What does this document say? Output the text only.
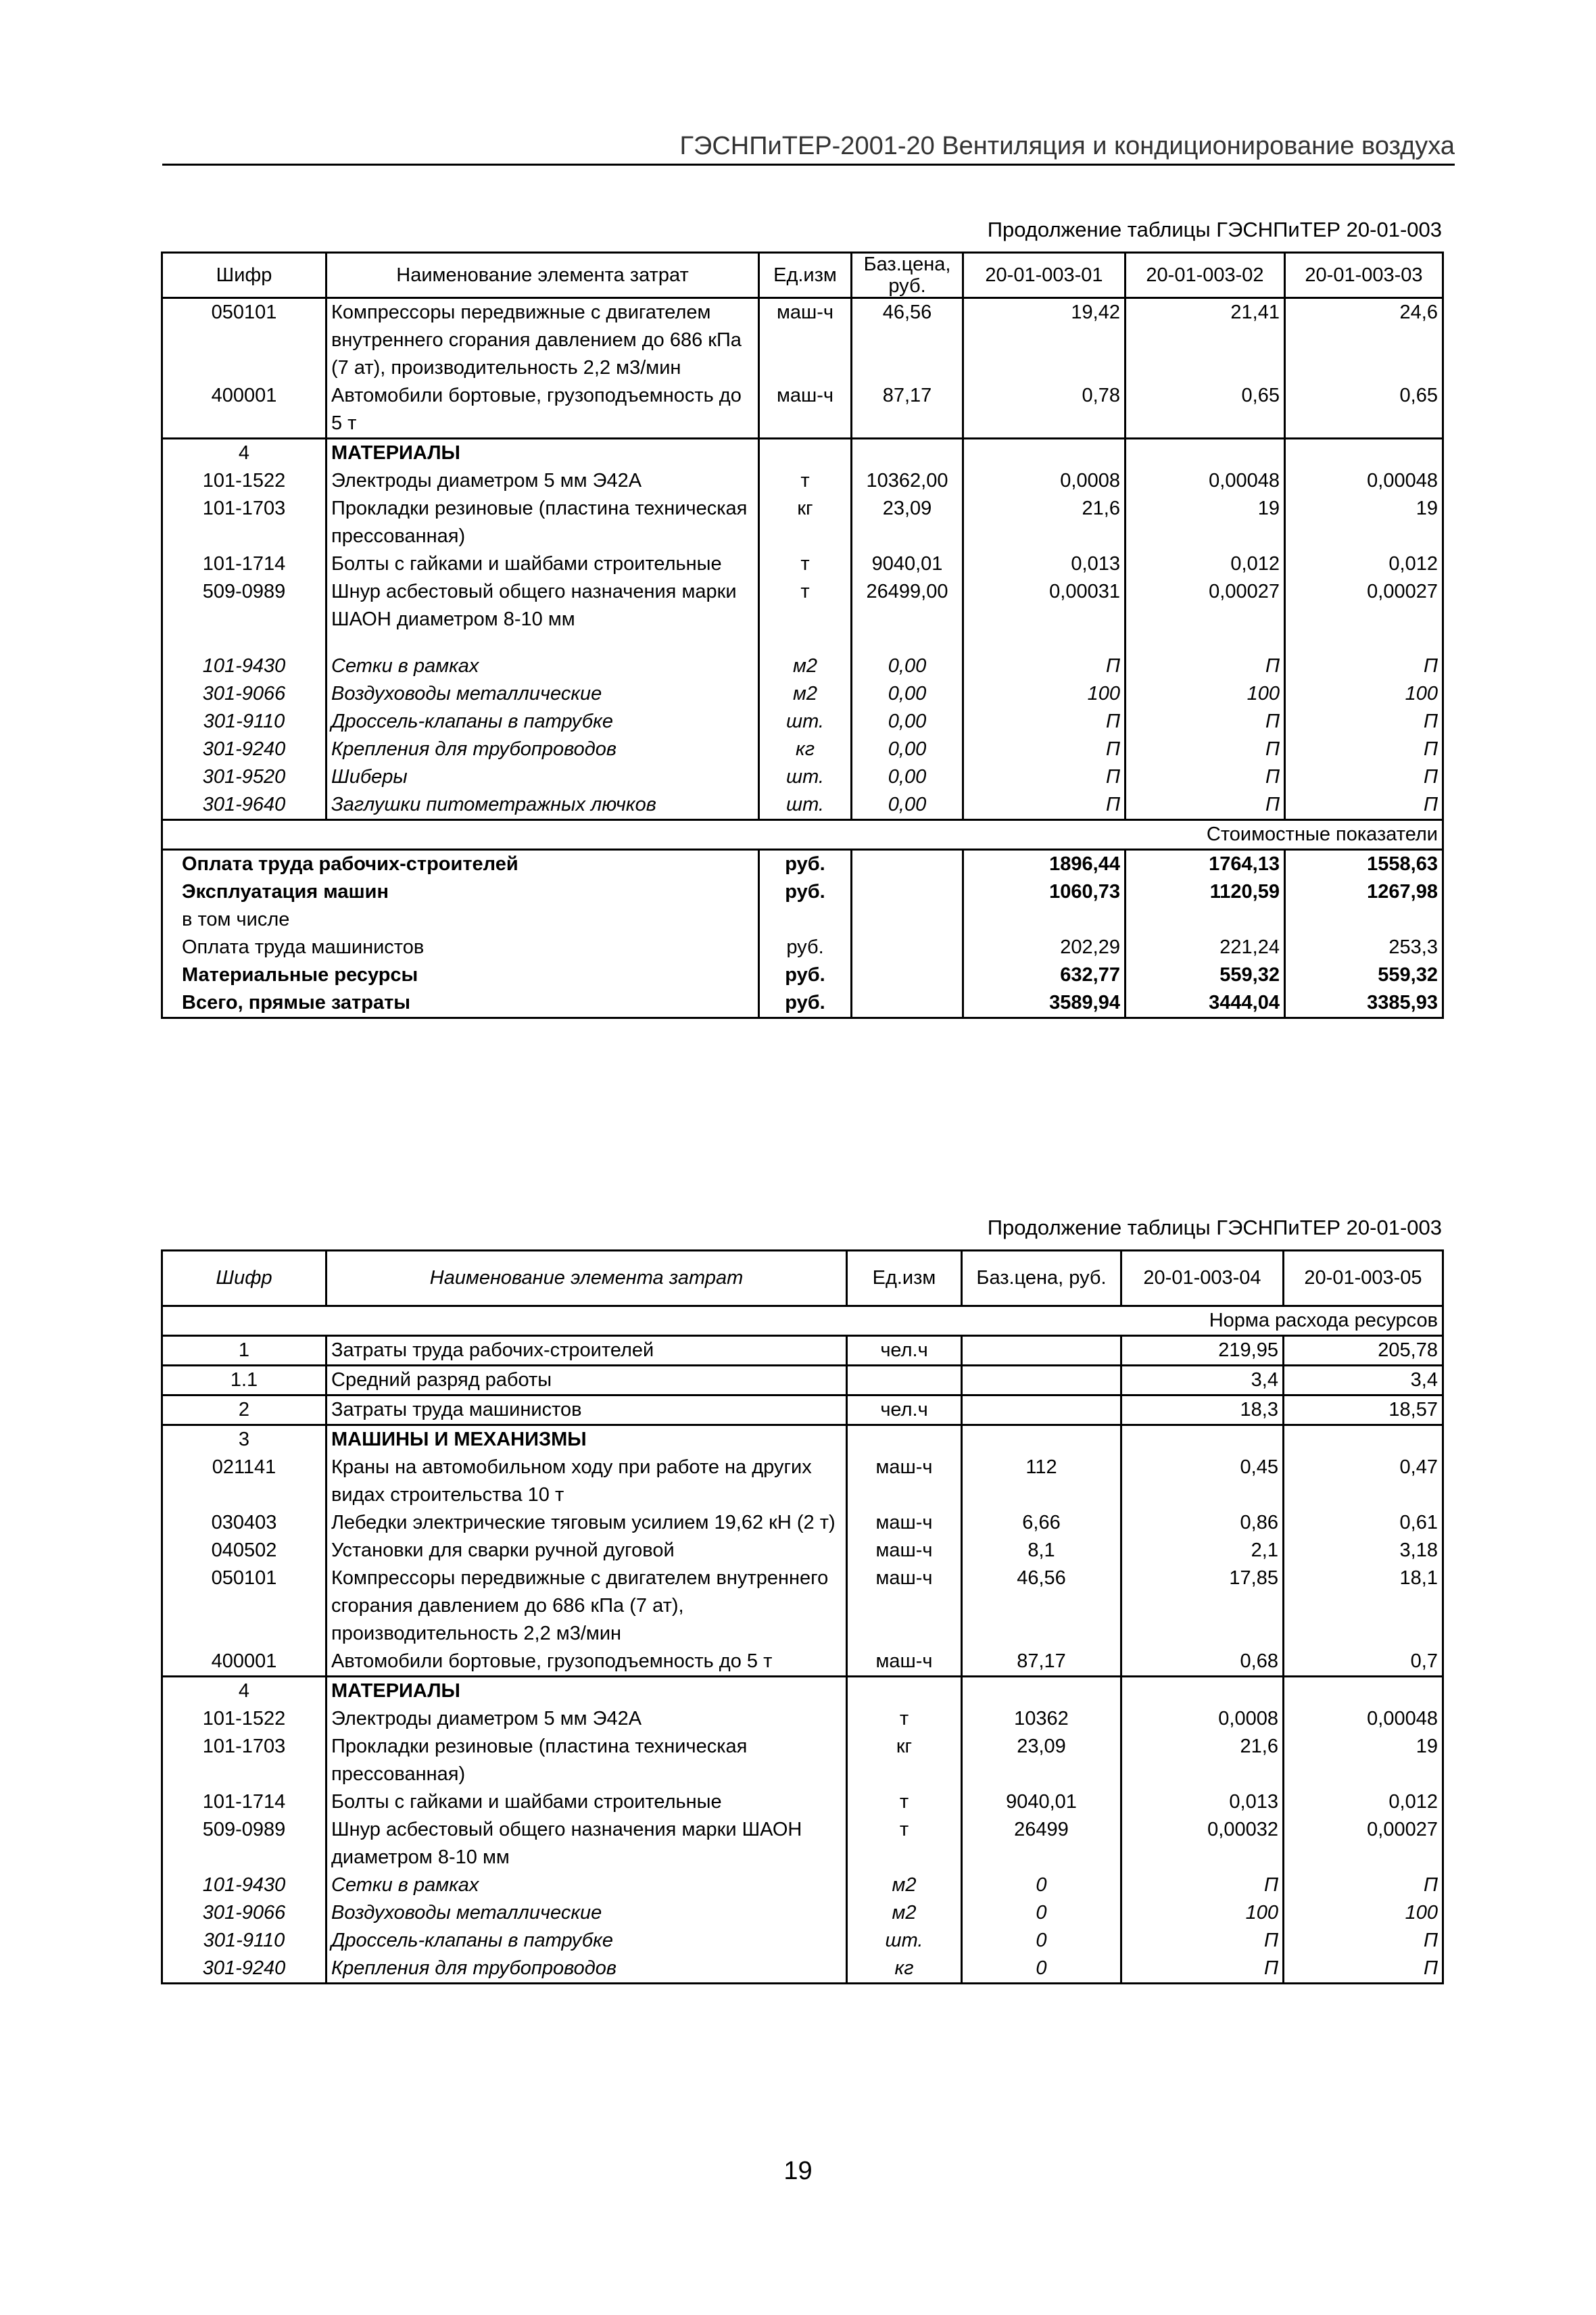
ГЭСНПиТЕР-2001-20 Вентиляция и кондиционирование воздуха
Продолжение таблицы ГЭСНПиТЕР 20-01-003
Шифр	Наименование элемента затрат	Ед.изм	Баз.цена, руб.	20-01-003-01	20-01-003-02	20-01-003-03
050101	Компрессоры передвижные с двигателем внутреннего сгорания давлением до 686 кПа (7 ат), производительность 2,2 м3/мин	маш-ч	46,56	19,42	21,41	24,6
400001	Автомобили бортовые, грузоподъемность до 5 т	маш-ч	87,17	0,78	0,65	0,65
4	МАТЕРИАЛЫ					
101-1522	Электроды диаметром 5 мм Э42А	т	10362,00	0,0008	0,00048	0,00048
101-1703	Прокладки резиновые (пластина техническая прессованная)	кг	23,09	21,6	19	19
101-1714	Болты с гайками и шайбами строительные	т	9040,01	0,013	0,012	0,012
509-0989	Шнур асбестовый общего назначения марки ШАОН диаметром 8-10 мм	т	26499,00	0,00031	0,00027	0,00027

101-9430	Сетки в рамках	м2	0,00	П	П	П
301-9066	Воздуховоды металлические	м2	0,00	100	100	100
301-9110	Дроссель-клапаны в патрубке	шт.	0,00	П	П	П
301-9240	Крепления для трубопроводов	кг	0,00	П	П	П
301-9520	Шиберы	шт.	0,00	П	П	П
301-9640	Заглушки питометражных лючков	шт.	0,00	П	П	П
Стоимостные показатели						
Оплата труда рабочих-строителей		руб.		1896,44	1764,13	1558,63
Эксплуатация машин		руб.		1060,73	1120,59	1267,98
в том числе						
Оплата труда машинистов		руб.		202,29	221,24	253,3
Материальные ресурсы		руб.		632,77	559,32	559,32
Всего, прямые затраты		руб.		3589,94	3444,04	3385,93
Продолжение таблицы ГЭСНПиТЕР 20-01-003
Шифр	Наименование элемента затрат	Ед.изм	Баз.цена, руб.	20-01-003-04	20-01-003-05
Норма расхода ресурсов					
1	Затраты труда рабочих-строителей	чел.ч		219,95	205,78
1.1	Средний разряд работы			3,4	3,4
2	Затраты труда машинистов	чел.ч		18,3	18,57
3	МАШИНЫ И МЕХАНИЗМЫ				
021141	Краны на автомобильном ходу при работе на других видах строительства 10 т	маш-ч	112	0,45	0,47
030403	Лебедки электрические тяговым усилием 19,62 кН (2 т)	маш-ч	6,66	0,86	0,61
040502	Установки для сварки ручной дуговой	маш-ч	8,1	2,1	3,18
050101	Компрессоры передвижные с двигателем внутреннего сгорания давлением до 686 кПа (7 ат), производительность 2,2 м3/мин	маш-ч	46,56	17,85	18,1
400001	Автомобили бортовые, грузоподъемность до 5 т	маш-ч	87,17	0,68	0,7
4	МАТЕРИАЛЫ				
101-1522	Электроды диаметром 5 мм Э42А	т	10362	0,0008	0,00048
101-1703	Прокладки резиновые (пластина техническая прессованная)	кг	23,09	21,6	19
101-1714	Болты с гайками и шайбами строительные	т	9040,01	0,013	0,012
509-0989	Шнур асбестовый общего назначения марки ШАОН диаметром 8-10 мм	т	26499	0,00032	0,00027
101-9430	Сетки в рамках	м2	0	П	П
301-9066	Воздуховоды металлические	м2	0	100	100
301-9110	Дроссель-клапаны в патрубке	шт.	0	П	П
301-9240	Крепления для трубопроводов	кг	0	П	П
19
